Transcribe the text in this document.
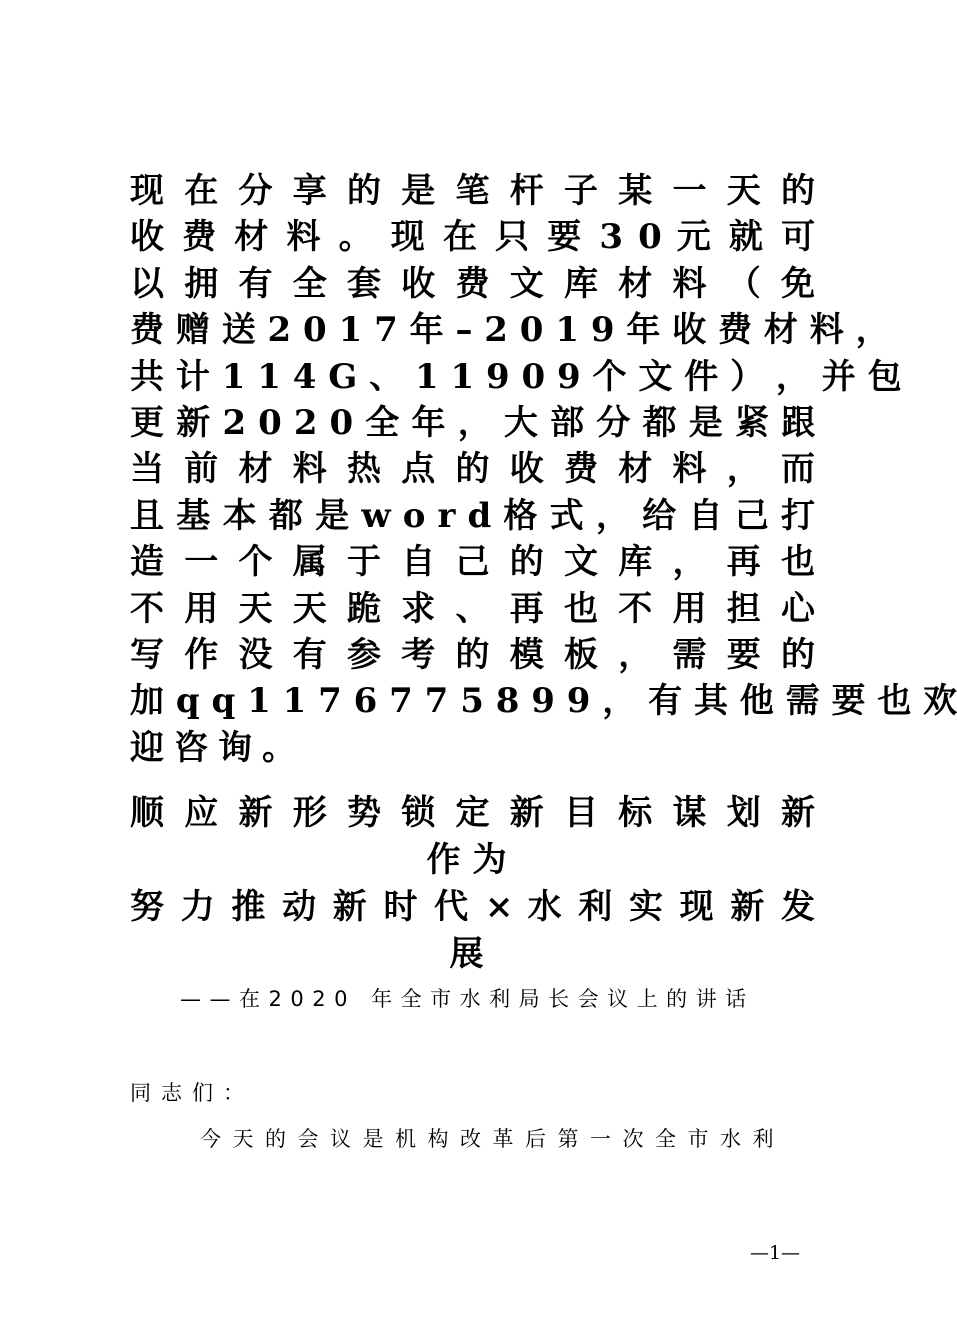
现 在 分 享 的 是 笔 杆 子 某 一 天 的
收 费 材 料 。 现 在 只 要 3 0 元 就 可
以 拥 有 全 套 收 费 文 库 材 料 （ 免
费 赠 送 2 0 1 7 年 – 2 0 1 9 年 收 费 材 料 ，
共 计 1 1 4 G 、 1 1 9 0 9 个 文 件 ） ， 并 包
更 新 2 0 2 0 全 年 ， 大 部 分 都 是 紧 跟
当 前 材 料 热 点 的 收 费 材 料 ， 而
且 基 本 都 是 w o r d 格 式 ， 给 自 己 打
造 一 个 属 于 自 己 的 文 库 ， 再 也
不 用 天 天 跪 求 、 再 也 不 用 担 心
写 作 没 有 参 考 的 模 板 ， 需 要 的
加 q q 1 1 7 6 7 7 5 8 9 9 ， 有 其 他 需 要 也 欢
迎咨询。
顺 应 新 形 势 锁 定 新 目 标 谋 划 新
作为
努 力 推 动 新 时 代 × 水 利 实 现 新 发
展
——在2020 年全市水利局长会议上的讲话
同志们：
今天的会议是机构改革后第一次全市水利
—1—
